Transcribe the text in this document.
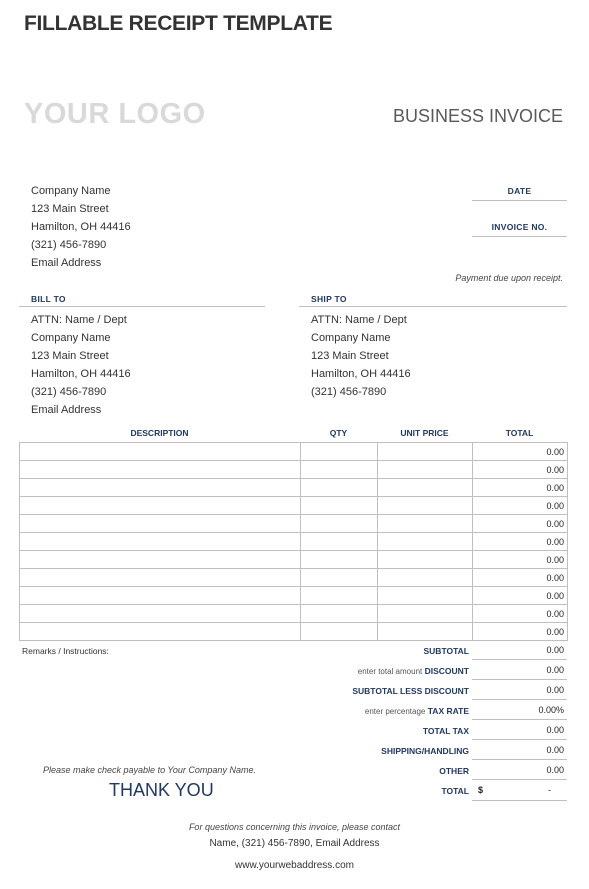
FILLABLE RECEIPT TEMPLATE
YOUR LOGO	BUSINESS INVOICE
Company Name
123 Main Street
Hamilton, OH 44416
(321) 456-7890
Email Address
DATE
INVOICE NO.
Payment due upon receipt.
BILL TO
ATTN: Name / Dept
Company Name
123 Main Street
Hamilton, OH 44416
(321) 456-7890
Email Address
SHIP TO
ATTN: Name / Dept
Company Name
123 Main Street
Hamilton, OH 44416
(321) 456-7890
DESCRIPTION	QTY	UNIT PRICE	TOTAL
			0.00
			0.00
			0.00
			0.00
			0.00
			0.00
			0.00
			0.00
			0.00
			0.00
			0.00
Remarks / Instructions:	SUBTOTAL	0.00
enter total amount DISCOUNT	0.00
SUBTOTAL LESS DISCOUNT	0.00
enter percentage TAX RATE	0.00%
TOTAL TAX	0.00
SHIPPING/HANDLING	0.00
OTHER	0.00
TOTAL $	-
Please make check payable to Your Company Name.
THANK YOU
For questions concerning this invoice, please contact
Name, (321) 456-7890, Email Address
www.yourwebaddress.com
